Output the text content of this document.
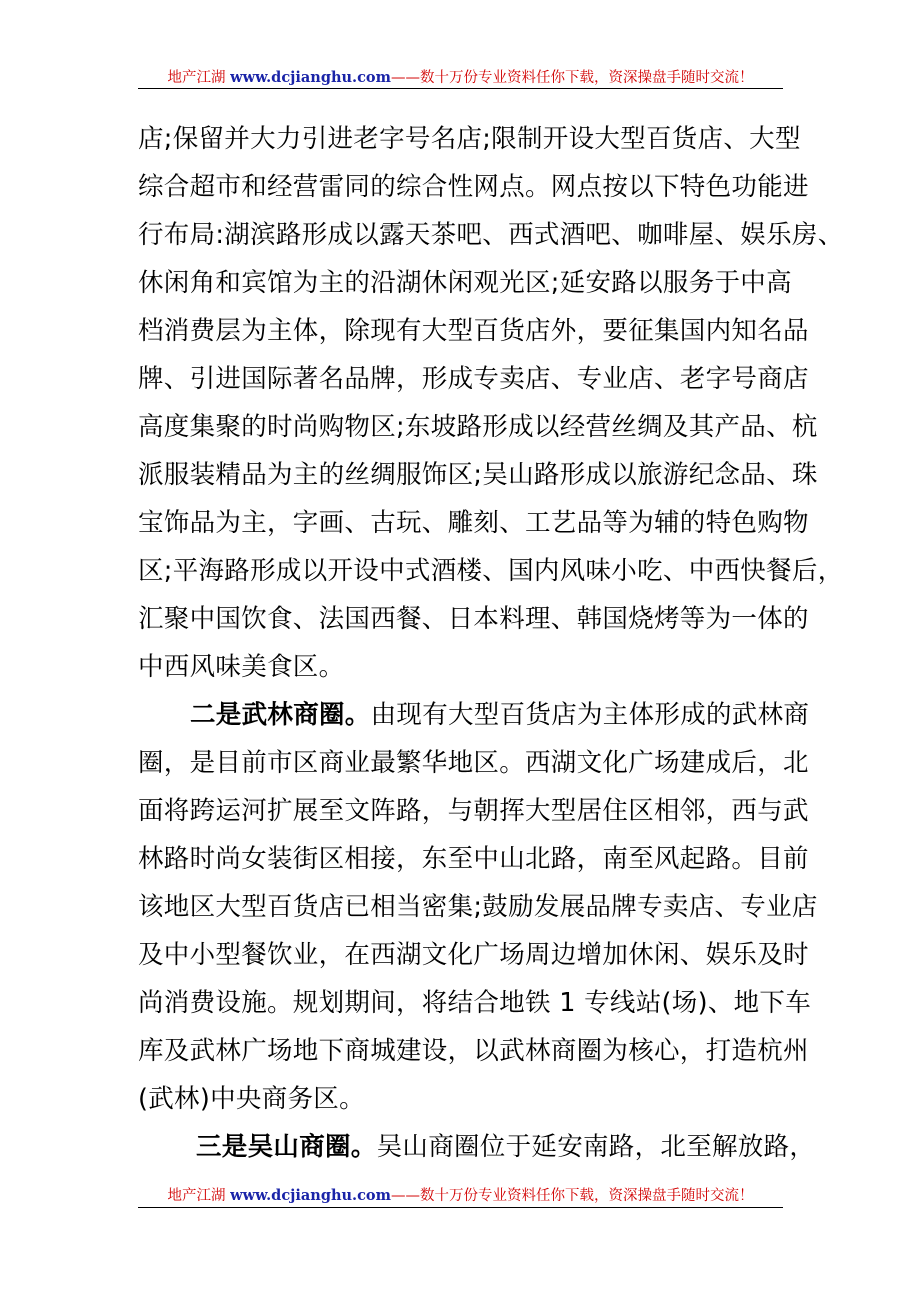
地产江湖 www.dcjianghu.com——数十万份专业资料任你下载，资深操盘手随时交流！
店;保留并大力引进老字号名店;限制开设大型百货店、大型
综合超市和经营雷同的综合性网点。网点按以下特色功能进
行布局:湖滨路形成以露天茶吧、西式酒吧、咖啡屋、娱乐房、
休闲角和宾馆为主的沿湖休闲观光区;延安路以服务于中高
档消费层为主体，除现有大型百货店外，要征集国内知名品
牌、引进国际著名品牌，形成专卖店、专业店、老字号商店
高度集聚的时尚购物区;东坡路形成以经营丝绸及其产品、杭
派服装精品为主的丝绸服饰区;吴山路形成以旅游纪念品、珠
宝饰品为主，字画、古玩、雕刻、工艺品等为辅的特色购物
区;平海路形成以开设中式酒楼、国内风味小吃、中西快餐后，
汇聚中国饮食、法国西餐、日本料理、韩国烧烤等为一体的
中西风味美食区。
二是武林商圈。由现有大型百货店为主体形成的武林商
圈，是目前市区商业最繁华地区。西湖文化广场建成后，北
面将跨运河扩展至文阵路，与朝挥大型居住区相邻，西与武
林路时尚女装街区相接，东至中山北路，南至风起路。目前
该地区大型百货店已相当密集;鼓励发展品牌专卖店、专业店
及中小型餐饮业，在西湖文化广场周边增加休闲、娱乐及时
尚消费设施。规划期间，将结合地铁 1 专线站(场)、地下车
库及武林广场地下商城建设，以武林商圈为核心，打造杭州
(武林)中央商务区。
三是吴山商圈。吴山商圈位于延安南路，北至解放路，
地产江湖 www.dcjianghu.com——数十万份专业资料任你下载，资深操盘手随时交流！
